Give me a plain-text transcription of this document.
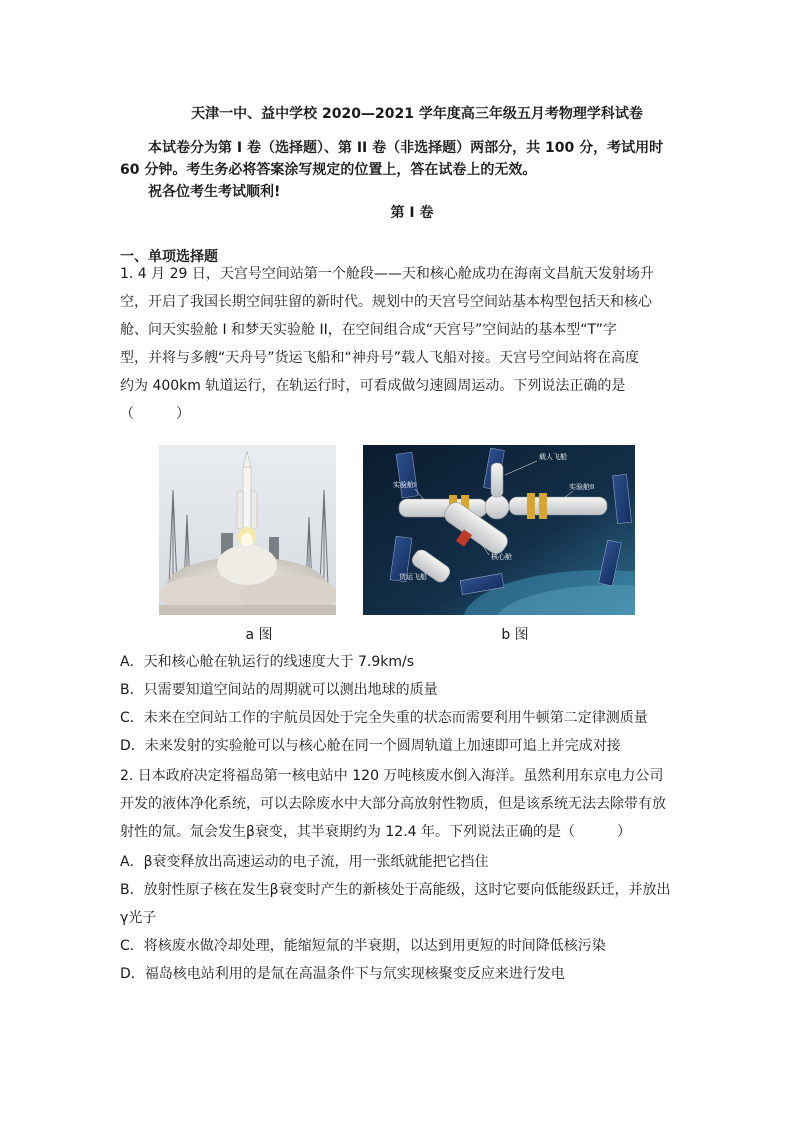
天津一中、益中学校 2020—2021 学年度高三年级五月考物理学科试卷

本试卷分为第 I 卷（选择题）、第 II 卷（非选择题）两部分，共 100 分，考试用时

60 分钟。考生务必将答案涂写规定的位置上，答在试卷上的无效。

祝各位考生考试顺利!

第 I 卷
一、单项选择题

1. 4 月 29 日，天宫号空间站第一个舱段——天和核心舱成功在海南文昌航天发射场升

空，开启了我国长期空间驻留的新时代。规划中的天宫号空间站基本构型包括天和核心

舱、问天实验舱 I 和梦天实验舱 II，在空间组合成“天宫号”空间站的基本型“T”字

型，并将与多艘“天舟号”货运飞船和“神舟号”载人飞船对接。天宫号空间站将在高度

约为 400km 轨道运行，在轨运行时，可看成做匀速圆周运动。下列说法正确的是

（　　　）

a 图
载人飞船
实验舱I	实验舱II
核心舱
货运飞船
b 图

A．天和核心舱在轨运行的线速度大于 7.9km/s

B．只需要知道空间站的周期就可以测出地球的质量

C．未来在空间站工作的宇航员因处于完全失重的状态而需要利用牛顿第二定律测质量

D．未来发射的实验舱可以与核心舱在同一个圆周轨道上加速即可追上并完成对接

2. 日本政府决定将福岛第一核电站中 120 万吨核废水倒入海洋。虽然利用东京电力公司

开发的液体净化系统，可以去除废水中大部分高放射性物质，但是该系统无法去除带有放

射性的氚。氚会发生β衰变，其半衰期约为 12.4 年。下列说法正确的是（　　　）

A．β衰变释放出高速运动的电子流，用一张纸就能把它挡住

B．放射性原子核在发生β衰变时产生的新核处于高能级，这时它要向低能级跃迁，并放出

γ光子

C．将核废水做冷却处理，能缩短氚的半衰期，以达到用更短的时间降低核污染

D．福岛核电站利用的是氚在高温条件下与氘实现核聚变反应来进行发电
